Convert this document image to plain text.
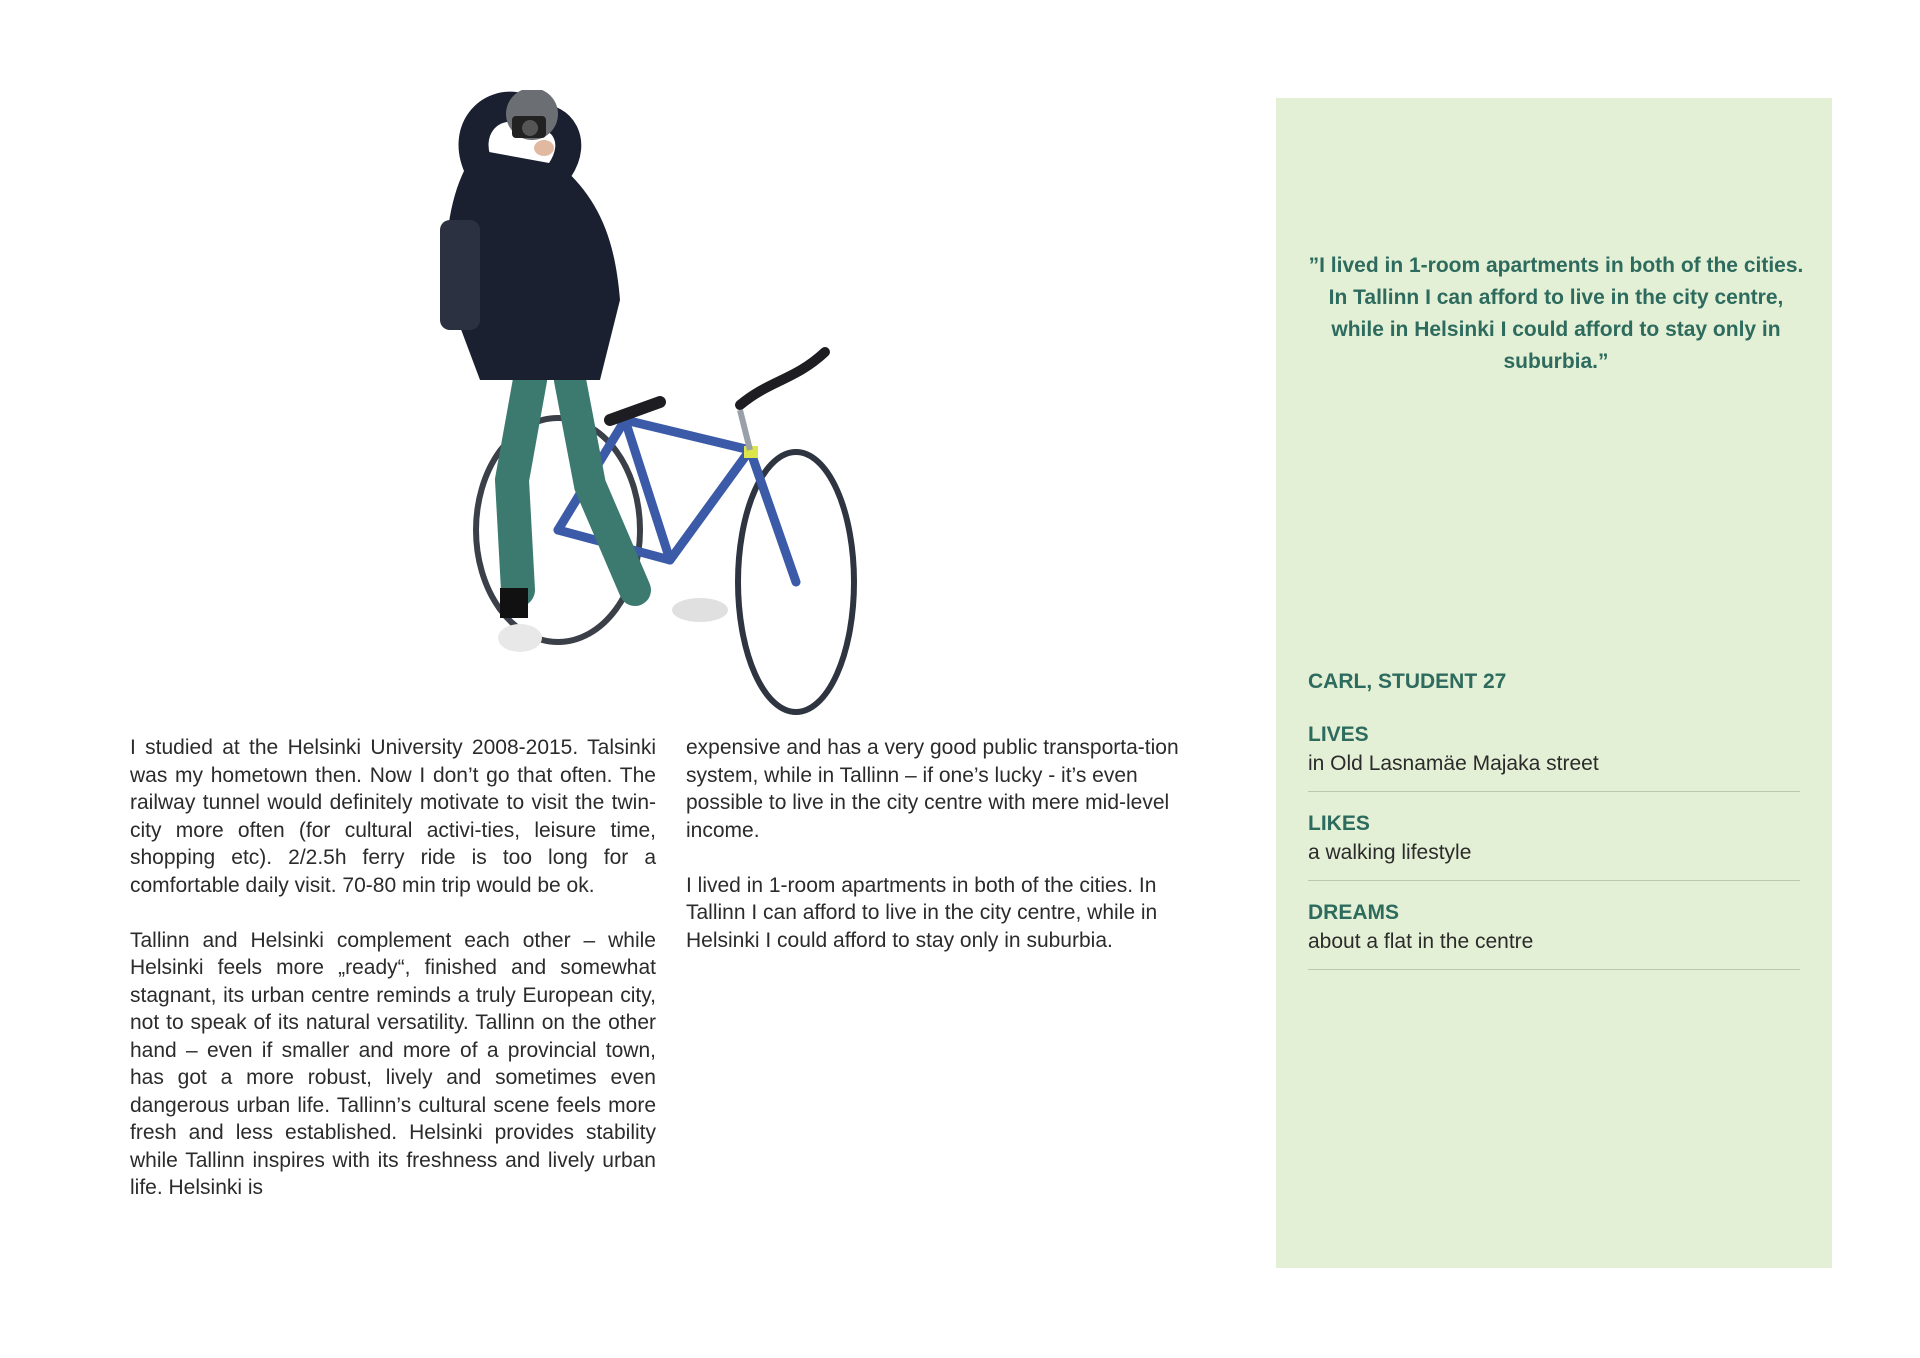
I studied at the Helsinki University 2008-2015. Talsinki was my hometown then. Now I don’t go that often. The railway tunnel would definitely motivate to visit the twin-city more often (for cultural activi-ties, leisure time, shopping etc). 2/2.5h ferry ride is too long for a comfortable daily visit. 70-80 min trip would be ok.

Tallinn and Helsinki complement each other – while Helsinki feels more „ready“, finished and somewhat stagnant, its urban centre reminds a truly European city, not to speak of its natural versatility. Tallinn on the other hand – even if smaller and more of a provincial town, has got a more robust, lively and sometimes even dangerous urban life. Tallinn’s cultural scene feels more fresh and less established. Helsinki provides stability while Tallinn inspires with its freshness and lively urban life. Helsinki is

expensive and has a very good public transporta-tion system, while in Tallinn – if one’s lucky - it’s even possible to live in the city centre with mere mid-level income.

I lived in 1-room apartments in both of the cities. In Tallinn I can afford to live in the city centre, while in Helsinki I could afford to stay only in suburbia.

”I lived in 1-room apartments in both of the cities. In Tallinn I can afford to live in the city centre, while in Helsinki I could afford to stay only in suburbia.”
CARL, STUDENT 27
LIVES
in Old Lasnamäe Majaka street
LIKES
a walking lifestyle
DREAMS
about a flat in the centre
